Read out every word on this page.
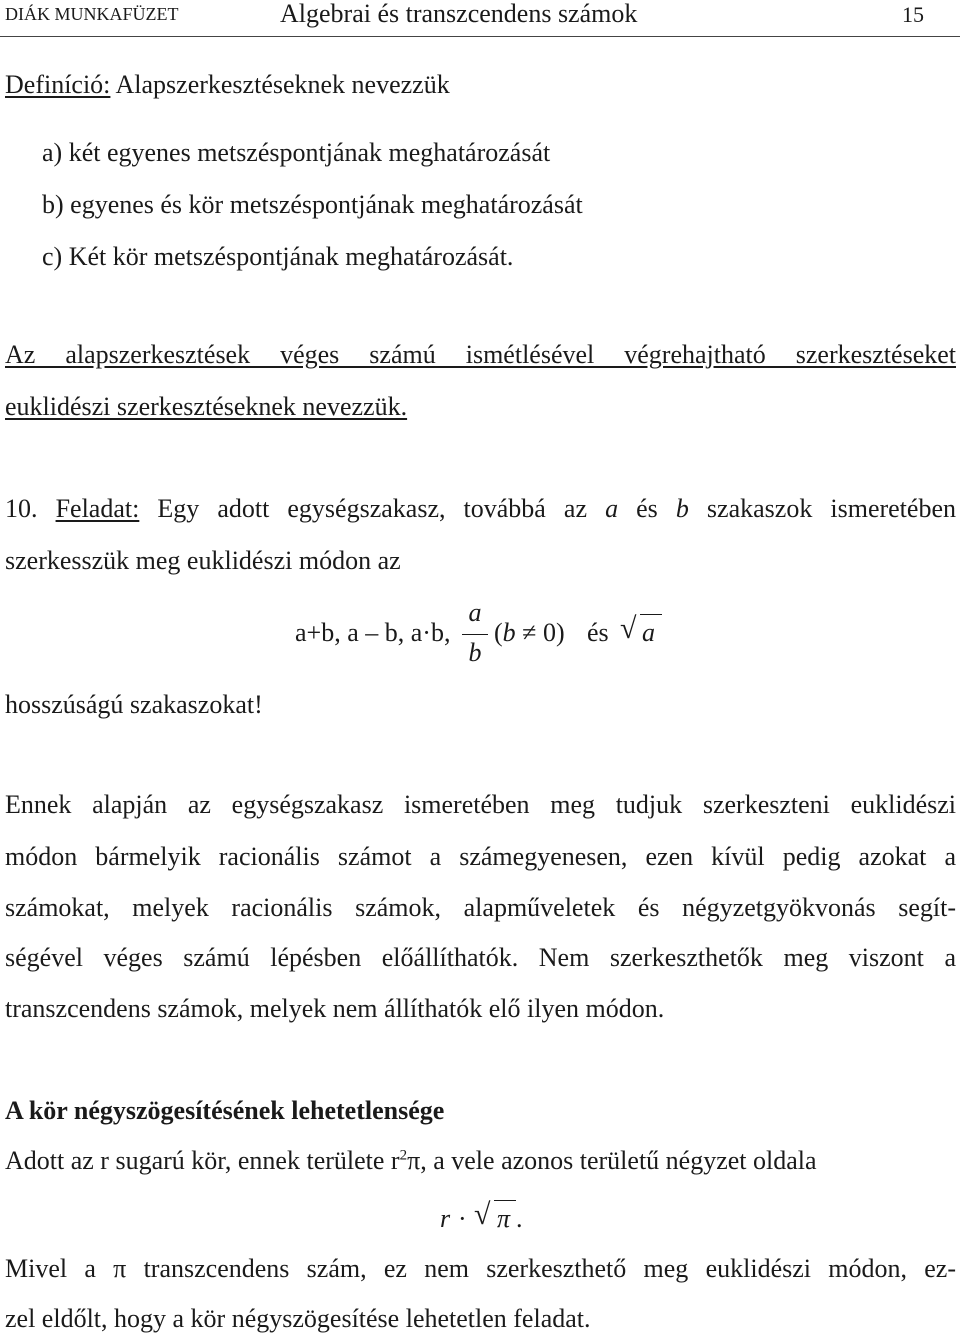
DIÁK MUNKAFÜZET	Algebrai és transzcendens számok	15
Definíció: Alapszerkesztéseknek nevezzük
a) két egyenes metszéspontjának meghatározását
b) egyenes és kör metszéspontjának meghatározását
c) Két kör metszéspontjának meghatározását.
Az alapszerkesztések véges számú ismétlésével végrehajtható szerkesztéseket
euklidészi szerkesztéseknek nevezzük.
10. Feladat: Egy adott egységszakasz, továbbá az a és b szakaszok ismeretében
szerkesszük meg euklidészi módon az
a+b, a – b, a·b,
a
b
(b ≠ 0) és √ a
hosszúságú szakaszokat!
Ennek alapján az egységszakasz ismeretében meg tudjuk szerkeszteni euklidészi
módon bármelyik racionális számot a számegyenesen, ezen kívül pedig azokat a
számokat, melyek racionális számok, alapműveletek és négyzetgyökvonás segít-
ségével véges számú lépésben előállíthatók. Nem szerkeszthetők meg viszont a
transzcendens számok, melyek nem állíthatók elő ilyen módon.
A kör négyszögesítésének lehetetlensége
Adott az r sugarú kör, ennek területe $r^2\pi$, a vele azonos területű négyzet oldala
r · √ π .
Mivel a π transzcendens szám, ez nem szerkeszthető meg euklidészi módon, ez-
zel eldőlt, hogy a kör négyszögesítése lehetetlen feladat.
